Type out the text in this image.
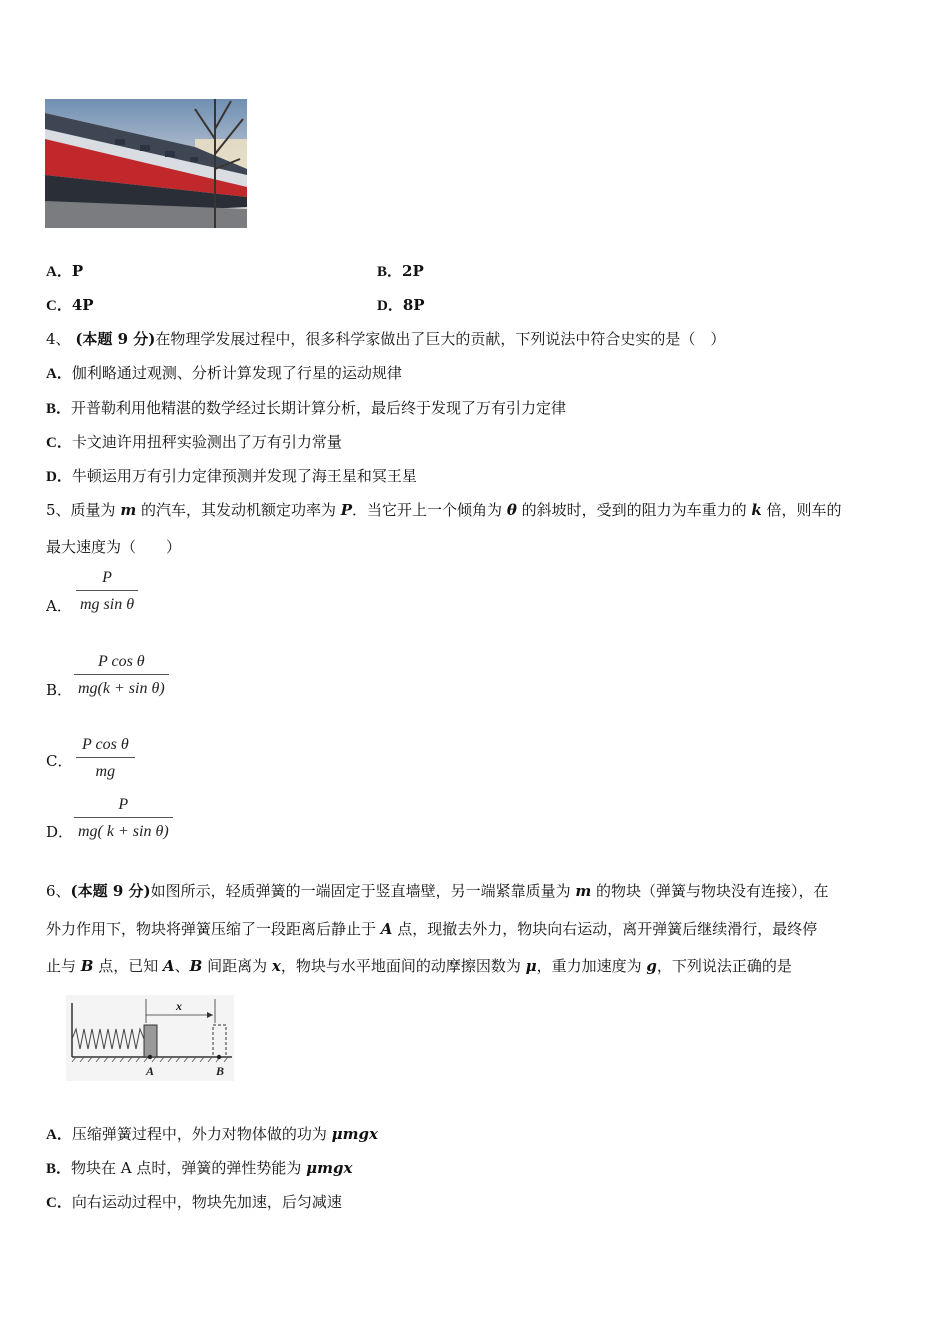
A．P	B．2P
C．4P	D．8P
4、 (本题 9 分)在物理学发展过程中，很多科学家做出了巨大的贡献，下列说法中符合史实的是（　）
A．伽利略通过观测、分析计算发现了行星的运动规律
B．开普勒利用他精湛的数学经过长期计算分析，最后终于发现了万有引力定律
C．卡文迪许用扭秤实验测出了万有引力常量
D．牛顿运用万有引力定律预测并发现了海王星和冥王星
5、质量为 m 的汽车，其发动机额定功率为 P．当它开上一个倾角为 θ 的斜坡时，受到的阻力为车重力的 k 倍，则车的
最大速度为（　　）
A．
P
mg sin θ
B．
P cos θ
mg(k + sin θ)
C．
P cos θ
mg
D．
P
mg( k + sin θ)
6、(本题 9 分)如图所示，轻质弹簧的一端固定于竖直墙壁，另一端紧靠质量为 m 的物块（弹簧与物块没有连接），在
外力作用下，物块将弹簧压缩了一段距离后静止于 A 点，现撤去外力，物块向右运动，离开弹簧后继续滑行，最终停
止与 B 点，已知 A、B 间距离为 x，物块与水平地面间的动摩擦因数为 μ，重力加速度为 g，下列说法正确的是
x
A	B
A．压缩弹簧过程中，外力对物体做的功为 μmgx
B．物块在 A 点时，弹簧的弹性势能为 μmgx
C．向右运动过程中，物块先加速，后匀减速
